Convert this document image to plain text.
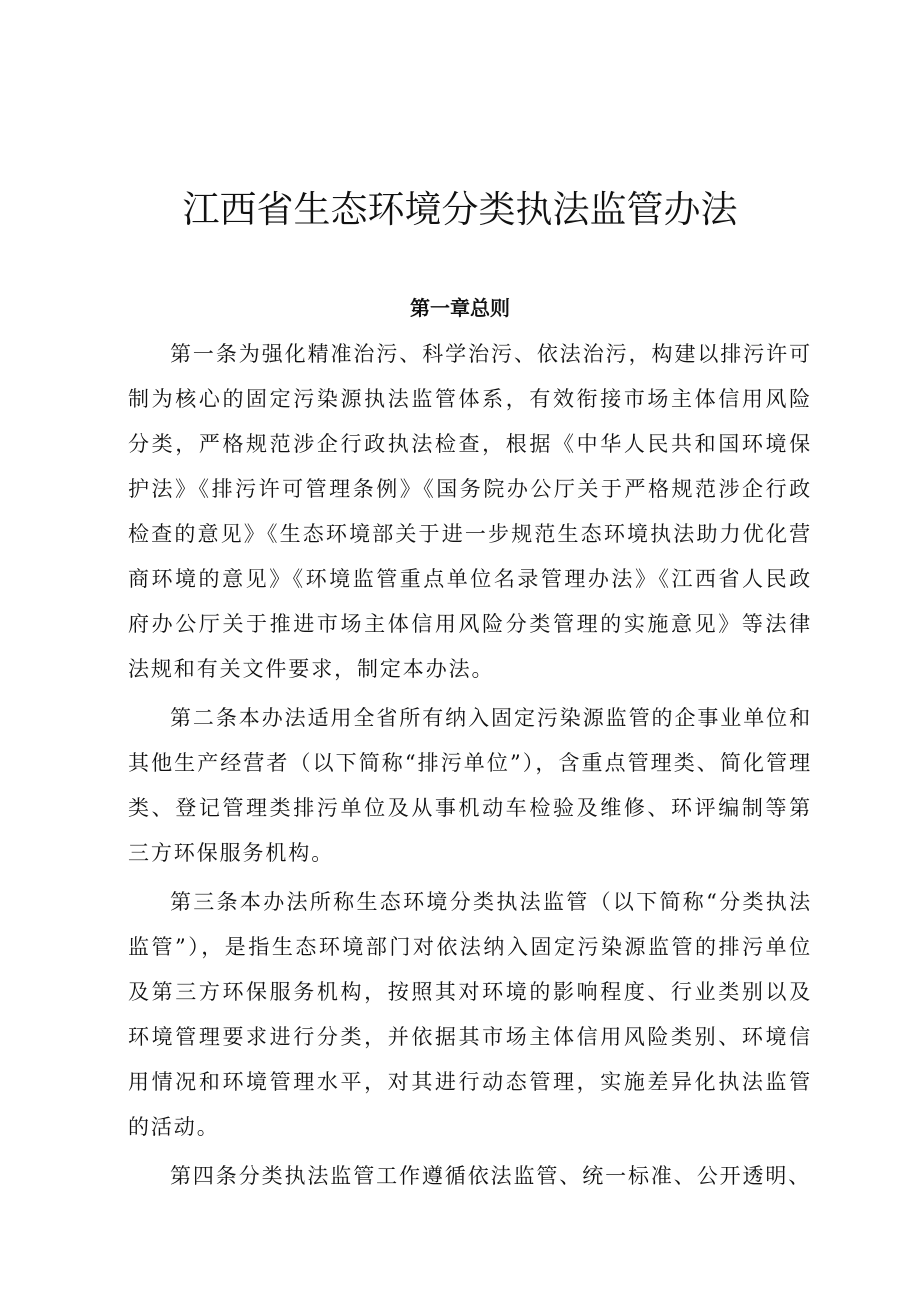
江西省生态环境分类执法监管办法
第一章总则

第一条为强化精准治污、科学治污、依法治污，构建以排污许可制为核心的固定污染源执法监管体系，有效衔接市场主体信用风险分类，严格规范涉企行政执法检查，根据《中华人民共和国环境保护法》《排污许可管理条例》《国务院办公厅关于严格规范涉企行政检查的意见》《生态环境部关于进一步规范生态环境执法助力优化营商环境的意见》《环境监管重点单位名录管理办法》《江西省人民政府办公厅关于推进市场主体信用风险分类管理的实施意见》等法律法规和有关文件要求，制定本办法。

第二条本办法适用全省所有纳入固定污染源监管的企事业单位和其他生产经营者（以下简称“排污单位”），含重点管理类、简化管理类、登记管理类排污单位及从事机动车检验及维修、环评编制等第三方环保服务机构。

第三条本办法所称生态环境分类执法监管（以下简称“分类执法监管”），是指生态环境部门对依法纳入固定污染源监管的排污单位及第三方环保服务机构，按照其对环境的影响程度、行业类别以及环境管理要求进行分类，并依据其市场主体信用风险类别、环境信用情况和环境管理水平，对其进行动态管理，实施差异化执法监管的活动。

第四条分类执法监管工作遵循依法监管、统一标准、公开透明、
